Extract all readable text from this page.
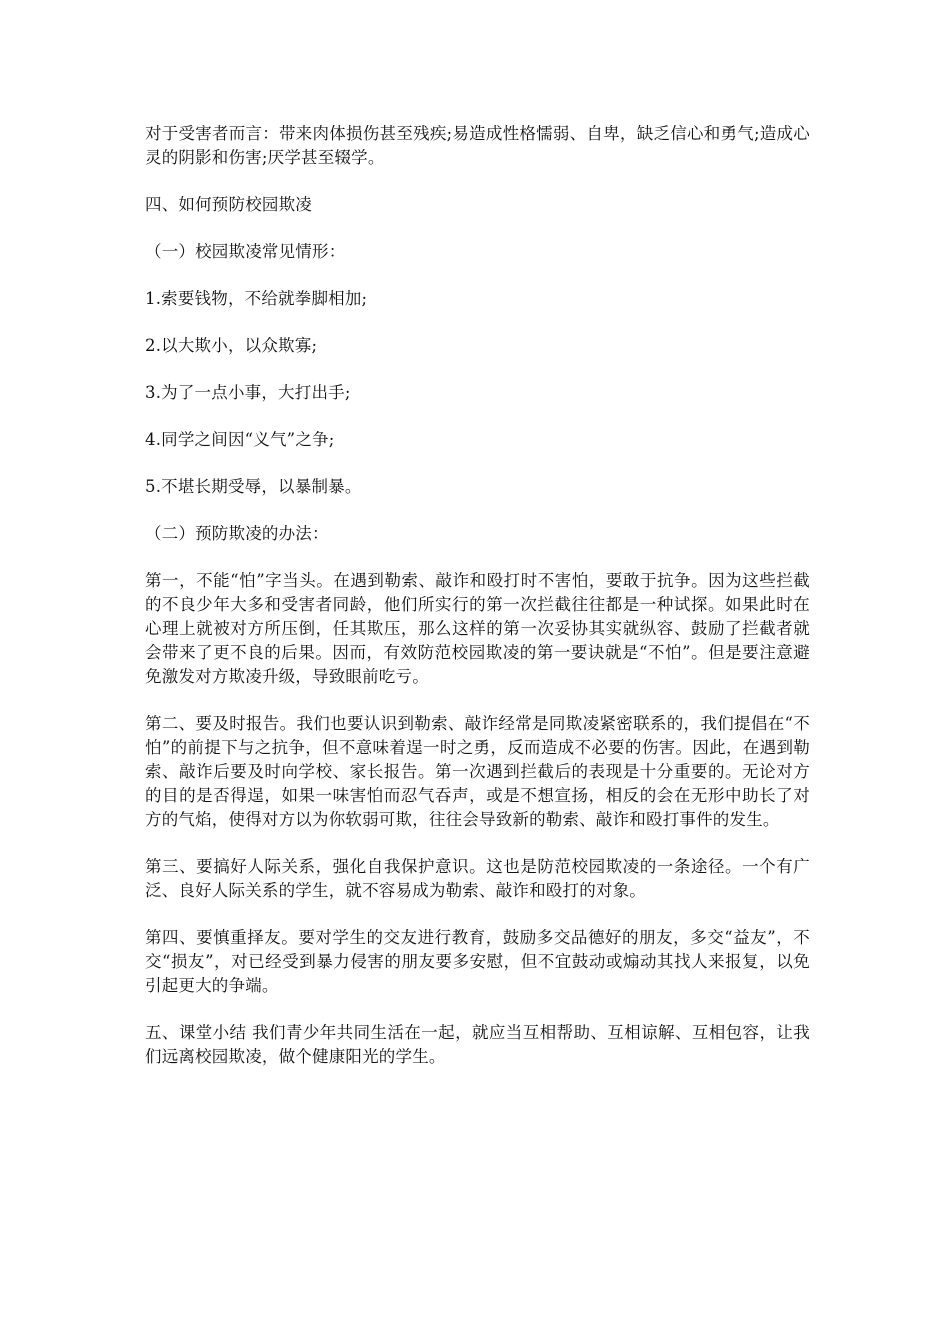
对于受害者而言：带来肉体损伤甚至残疾;易造成性格懦弱、自卑，缺乏信心和勇气;造成心灵的阴影和伤害;厌学甚至辍学。

四、如何预防校园欺凌

（一）校园欺凌常见情形：

1.索要钱物，不给就拳脚相加;

2.以大欺小，以众欺寡;

3.为了一点小事，大打出手;

4.同学之间因“义气”之争;

5.不堪长期受辱，以暴制暴。

（二）预防欺凌的办法：

第一，不能“怕”字当头。在遇到勒索、敲诈和殴打时不害怕，要敢于抗争。因为这些拦截的不良少年大多和受害者同龄，他们所实行的第一次拦截往往都是一种试探。如果此时在心理上就被对方所压倒，任其欺压，那么这样的第一次妥协其实就纵容、鼓励了拦截者就会带来了更不良的后果。因而，有效防范校园欺凌的第一要诀就是“不怕”。但是要注意避免激发对方欺凌升级，导致眼前吃亏。

第二、要及时报告。我们也要认识到勒索、敲诈经常是同欺凌紧密联系的，我们提倡在“不怕”的前提下与之抗争，但不意味着逞一时之勇，反而造成不必要的伤害。因此，在遇到勒索、敲诈后要及时向学校、家长报告。第一次遇到拦截后的表现是十分重要的。无论对方的目的是否得逞，如果一味害怕而忍气吞声，或是不想宣扬，相反的会在无形中助长了对方的气焰，使得对方以为你软弱可欺，往往会导致新的勒索、敲诈和殴打事件的发生。

第三、要搞好人际关系，强化自我保护意识。这也是防范校园欺凌的一条途径。一个有广泛、良好人际关系的学生，就不容易成为勒索、敲诈和殴打的对象。

第四、要慎重择友。要对学生的交友进行教育，鼓励多交品德好的朋友，多交“益友”，不交“损友”，对已经受到暴力侵害的朋友要多安慰，但不宜鼓动或煽动其找人来报复，以免引起更大的争端。

五、课堂小结 我们青少年共同生活在一起，就应当互相帮助、互相谅解、互相包容，让我们远离校园欺凌，做个健康阳光的学生。
